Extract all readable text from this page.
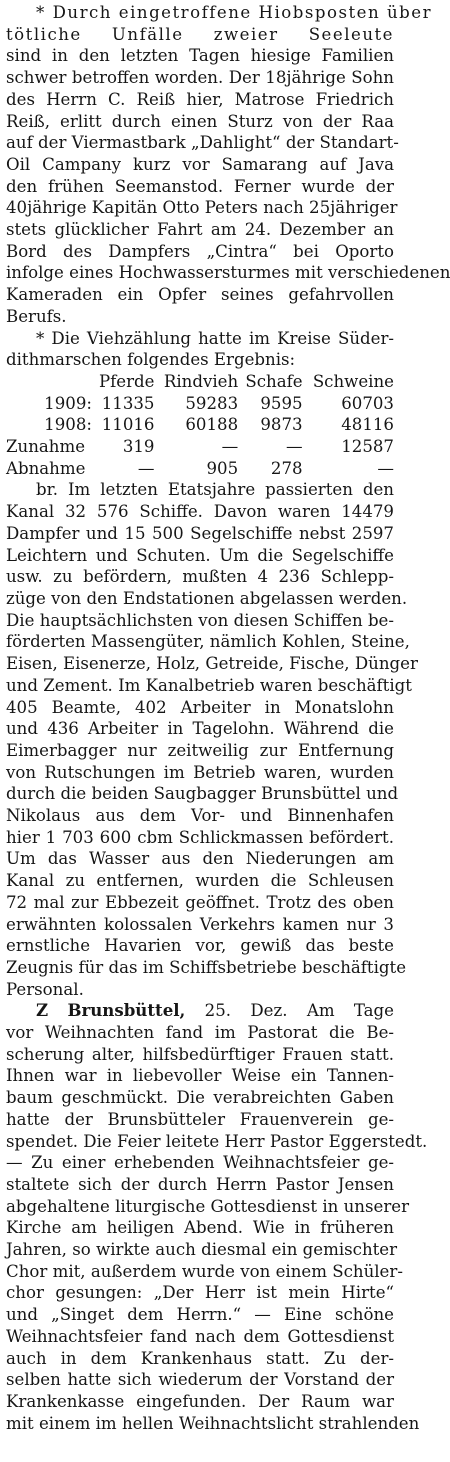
* Durch eingetroffene Hiobsposten über
tötliche Unfälle zweier Seeleute
sind in den letzten Tagen hiesige Familien
schwer betroffen worden. Der 18jährige Sohn
des Herrn C. Reiß hier, Matrose Friedrich
Reiß, erlitt durch einen Sturz von der Raa
auf der Viermastbark „Dahlight“ der Standart-
Oil Campany kurz vor Samarang auf Java
den frühen Seemanstod. Ferner wurde der
40jährige Kapitän Otto Peters nach 25jähriger
stets glücklicher Fahrt am 24. Dezember an
Bord des Dampfers „Cintra“ bei Oporto
infolge eines Hochwassersturmes mit verschiedenen
Kameraden ein Opfer seines gefahrvollen
Berufs.
* Die Viehzählung hatte im Kreise Süder-
dithmarschen folgendes Ergebnis:
	Pferde	Rindvieh	Schafe	Schweine
1909:	11335	59283	9595	60703
1908:	11016	60188	9873	48116
Zunahme	319	—	—	12587
Abnahme	—	905	278	—
br. Im letzten Etatsjahre passierten den
Kanal 32 576 Schiffe. Davon waren 14479
Dampfer und 15 500 Segelschiffe nebst 2597
Leichtern und Schuten. Um die Segelschiffe
usw. zu befördern, mußten 4 236 Schlepp-
züge von den Endstationen abgelassen werden.
Die hauptsächlichsten von diesen Schiffen be-
förderten Massengüter, nämlich Kohlen, Steine,
Eisen, Eisenerze, Holz, Getreide, Fische, Dünger
und Zement. Im Kanalbetrieb waren beschäftigt
405 Beamte, 402 Arbeiter in Monatslohn
und 436 Arbeiter in Tagelohn. Während die
Eimerbagger nur zeitweilig zur Entfernung
von Rutschungen im Betrieb waren, wurden
durch die beiden Saugbagger Brunsbüttel und
Nikolaus aus dem Vor- und Binnenhafen
hier 1 703 600 cbm Schlickmassen befördert.
Um das Wasser aus den Niederungen am
Kanal zu entfernen, wurden die Schleusen
72 mal zur Ebbezeit geöffnet. Trotz des oben
erwähnten kolossalen Verkehrs kamen nur 3
ernstliche Havarien vor, gewiß das beste
Zeugnis für das im Schiffsbetriebe beschäftigte
Personal.
Z Brunsbüttel, 25. Dez. Am Tage
vor Weihnachten fand im Pastorat die Be-
scherung alter, hilfsbedürftiger Frauen statt.
Ihnen war in liebevoller Weise ein Tannen-
baum geschmückt. Die verabreichten Gaben
hatte der Brunsbütteler Frauenverein ge-
spendet. Die Feier leitete Herr Pastor Eggerstedt.
— Zu einer erhebenden Weihnachtsfeier ge-
staltete sich der durch Herrn Pastor Jensen
abgehaltene liturgische Gottesdienst in unserer
Kirche am heiligen Abend. Wie in früheren
Jahren, so wirkte auch diesmal ein gemischter
Chor mit, außerdem wurde von einem Schüler-
chor gesungen: „Der Herr ist mein Hirte“
und „Singet dem Herrn.“ — Eine schöne
Weihnachtsfeier fand nach dem Gottesdienst
auch in dem Krankenhaus statt. Zu der-
selben hatte sich wiederum der Vorstand der
Krankenkasse eingefunden. Der Raum war
mit einem im hellen Weihnachtslicht strahlenden
